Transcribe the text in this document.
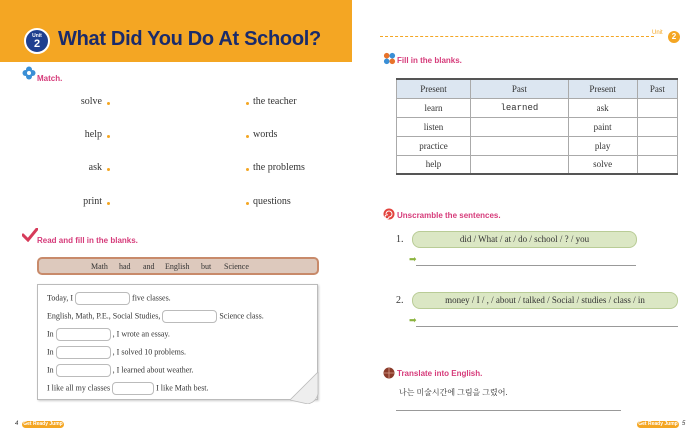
Unit
2 What Did You Do At School?	Unit	2
Match.
solve
help
ask
print
the teacher
words
the problems
questions
Read and fill in the blanks.
Math had and English but Science
Today, I	five classes.
English, Math, P.E., Social Studies,	Science class.
In	, I wrote an essay.
In	, I solved 10 problems.
In	, I learned about weather.
I like all my classes	I like Math best.
Fill in the blanks.
Present	Past	Present	Past
learn	learned	ask	
listen		paint	
practice		play	
help		solve	
Unscramble the sentences.
1.	did / What / at / do / school / ? / you
➡
2.	money / I / , / about / talked / Social / studies / class / in
➡
Translate into English.
나는 미술시간에 그림을 그렸어.
4 Get Ready Jump 2
Get Ready Jump 2
5
